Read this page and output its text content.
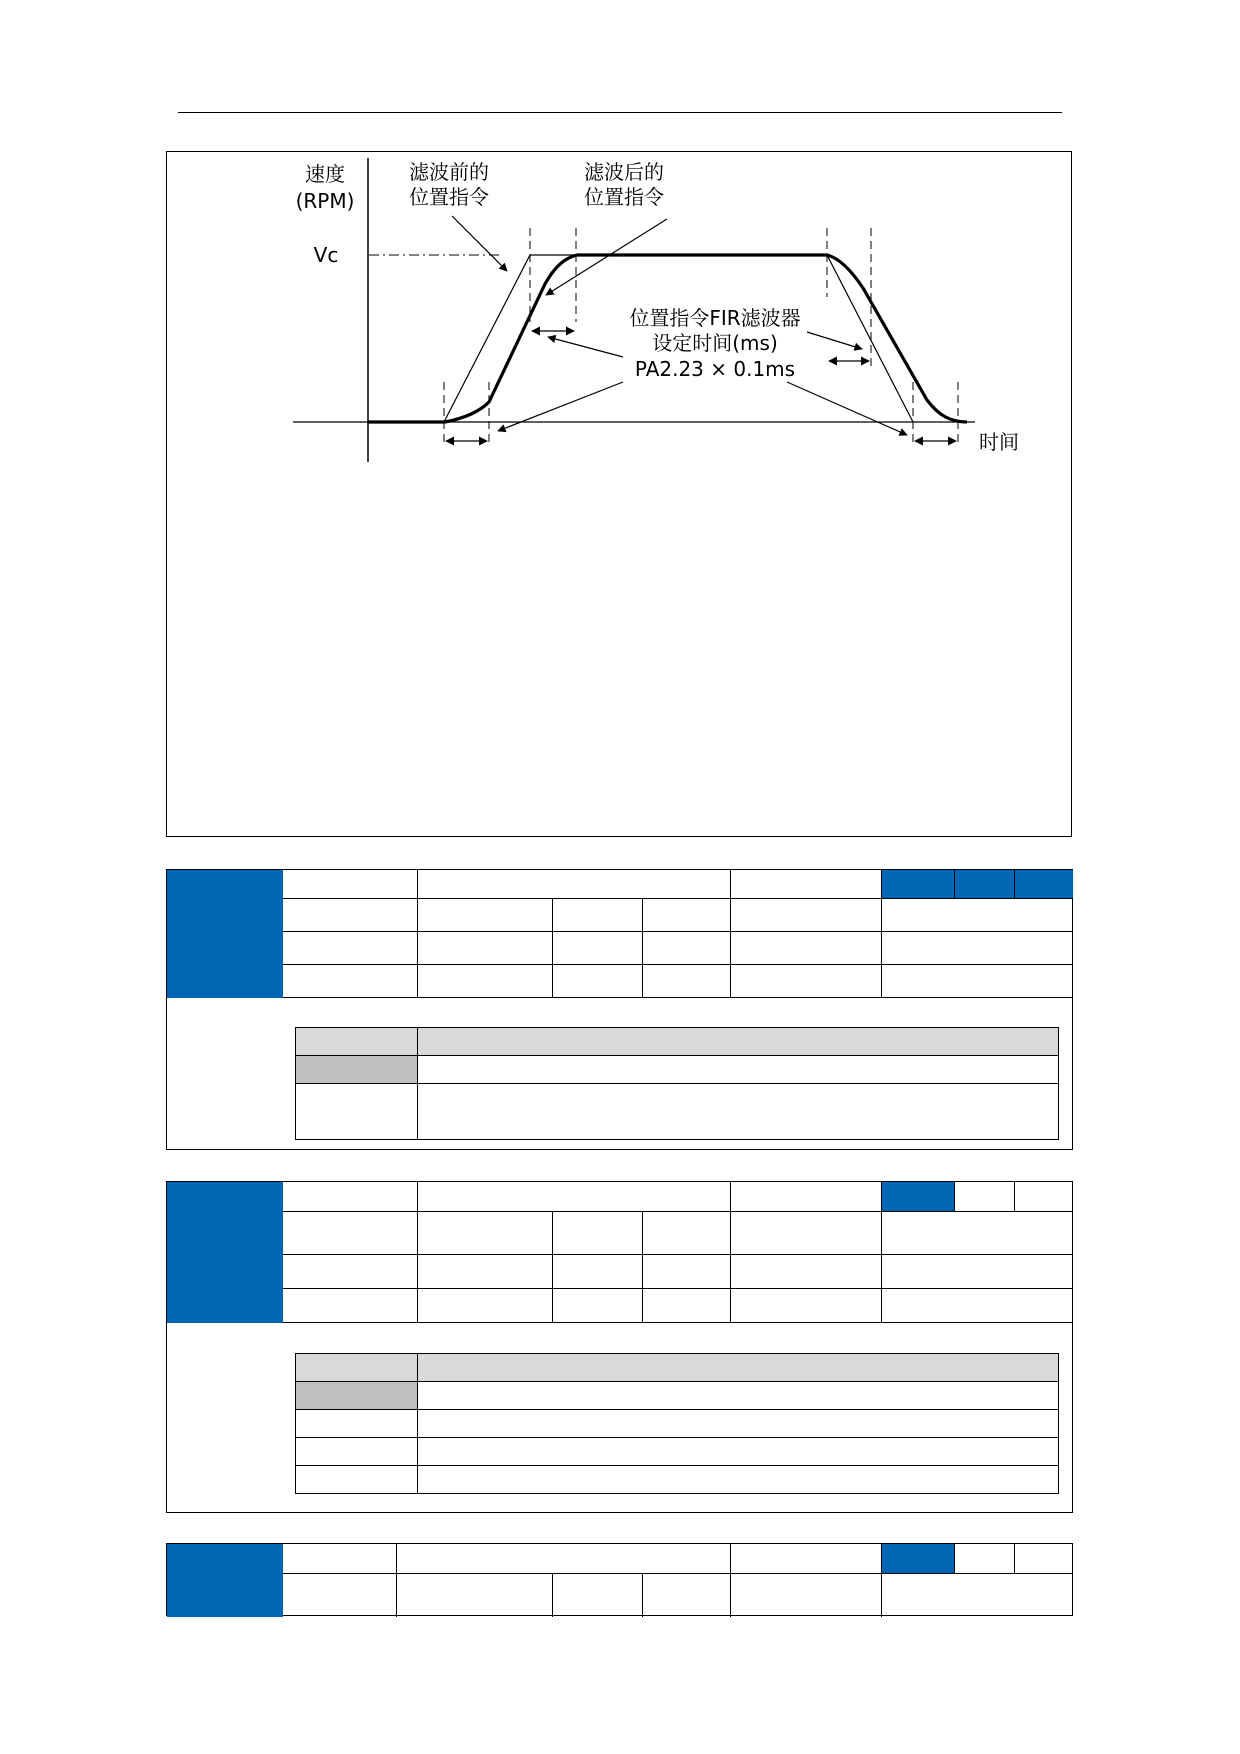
速度
(RPM)
Vc
滤波前的
位置指令
滤波后的
位置指令
位置指令FIR滤波器
设定时间(ms)
PA2.23 × 0.1ms
时间
